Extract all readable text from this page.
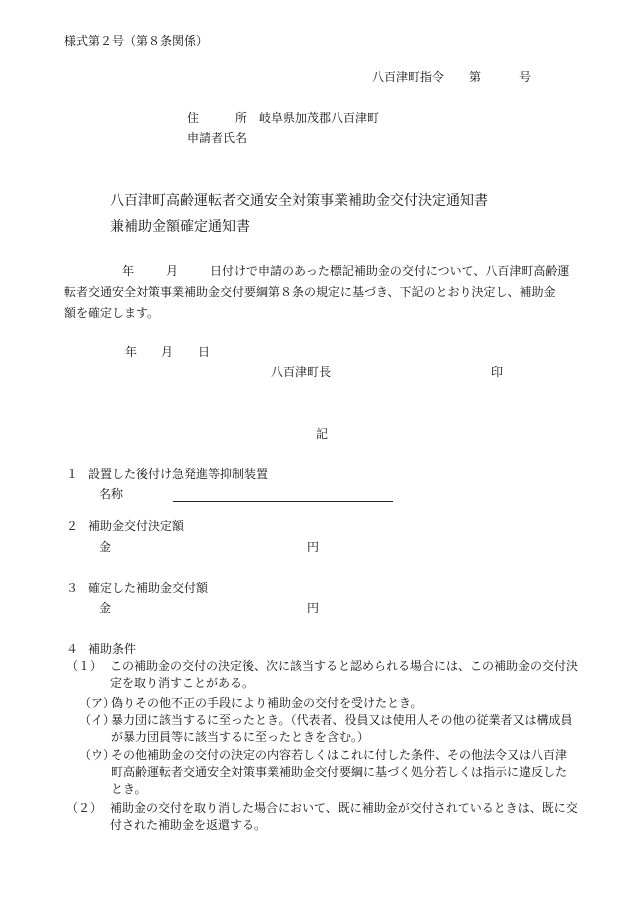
様式第２号（第８条関係）
八百津町指令 第	号
住	所 岐阜県加茂郡八百津町
申請者氏名
八百津町高齢運転者交通安全対策事業補助金交付決定通知書
兼補助金額確定通知書
年	月	日付けで申請のあった標記補助金の交付について、八百津町高齢運
転者交通安全対策事業補助金交付要綱第８条の規定に基づき、下記のとおり決定し、補助金
額を確定します。
年 月 日
八百津町長	印
記
１ 設置した後付け急発進等抑制装置
名称
２ 補助金交付決定額
金	円
３ 確定した補助金交付額
金	円
４ 補助条件
（１） この補助金の交付の決定後、次に該当すると認められる場合には、この補助金の交付決定を取り消すことがある。
（ア）
偽りその他不正の手段により補助金の交付を受けたとき。
（イ）
暴力団に該当するに至ったとき。（代表者、役員又は使用人その他の従業者又は構成員が暴力団員等に該当するに至ったときを含む。）
（ウ）
その他補助金の交付の決定の内容若しくはこれに付した条件、その他法令又は八百津町高齢運転者交通安全対策事業補助金交付要綱に基づく処分若しくは指示に違反したとき。
（２） 補助金の交付を取り消した場合において、既に補助金が交付されているときは、既に交付された補助金を返還する。
